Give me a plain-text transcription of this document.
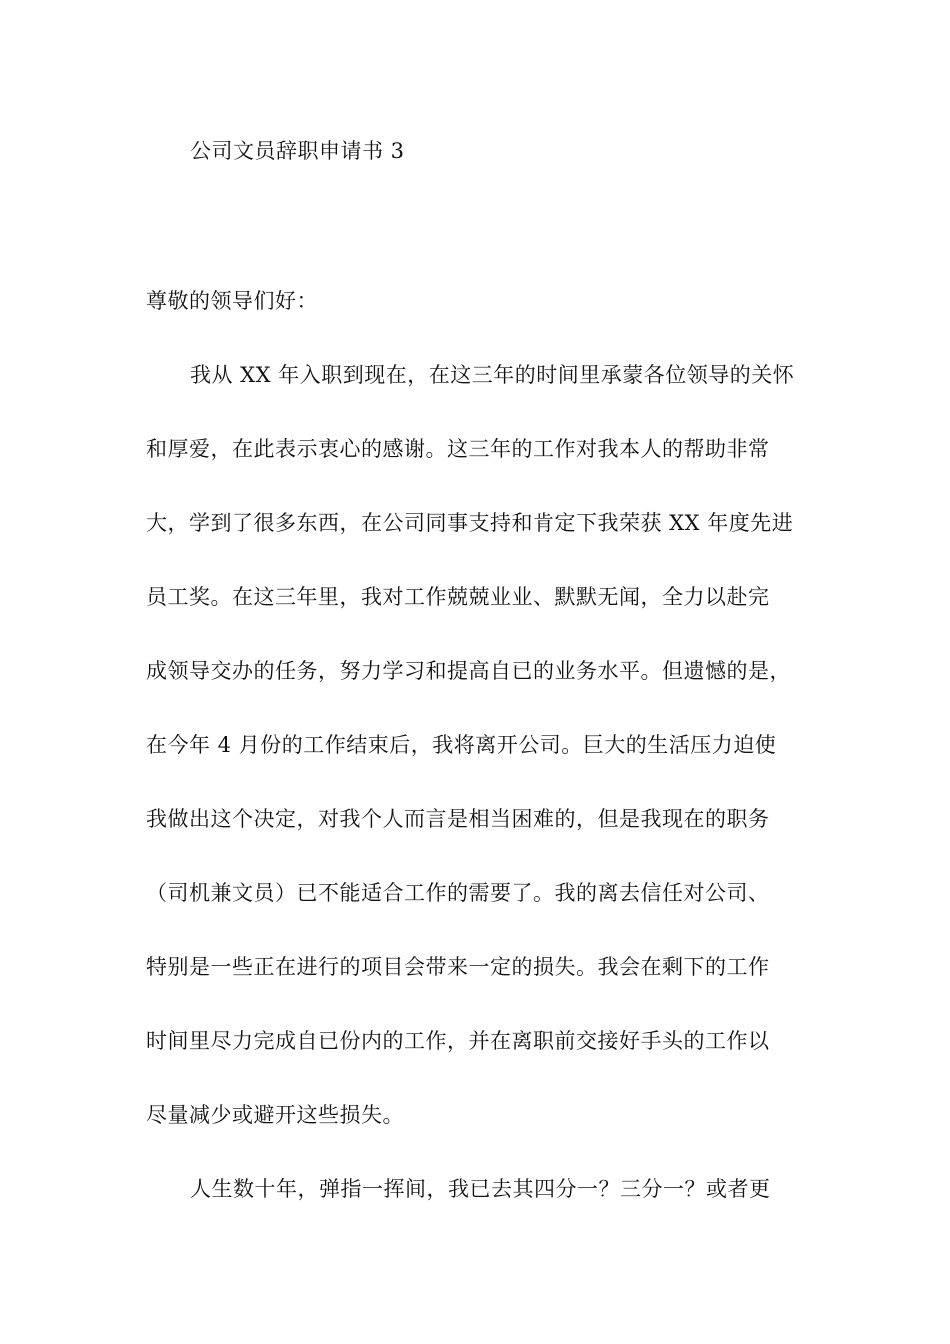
公司文员辞职申请书 3
尊敬的领导们好：
我从 XX 年入职到现在，在这三年的时间里承蒙各位领导的关怀
和厚爱，在此表示衷心的感谢。这三年的工作对我本人的帮助非常
大，学到了很多东西，在公司同事支持和肯定下我荣获 XX 年度先进
员工奖。在这三年里，我对工作兢兢业业、默默无闻，全力以赴完
成领导交办的任务，努力学习和提高自已的业务水平。但遗憾的是，
在今年 4 月份的工作结束后，我将离开公司。巨大的生活压力迫使
我做出这个决定，对我个人而言是相当困难的，但是我现在的职务
（司机兼文员）已不能适合工作的需要了。我的离去信任对公司、
特别是一些正在进行的项目会带来一定的损失。我会在剩下的工作
时间里尽力完成自已份内的工作，并在离职前交接好手头的工作以
尽量减少或避开这些损失。
人生数十年，弹指一挥间，我已去其四分一？三分一？或者更
